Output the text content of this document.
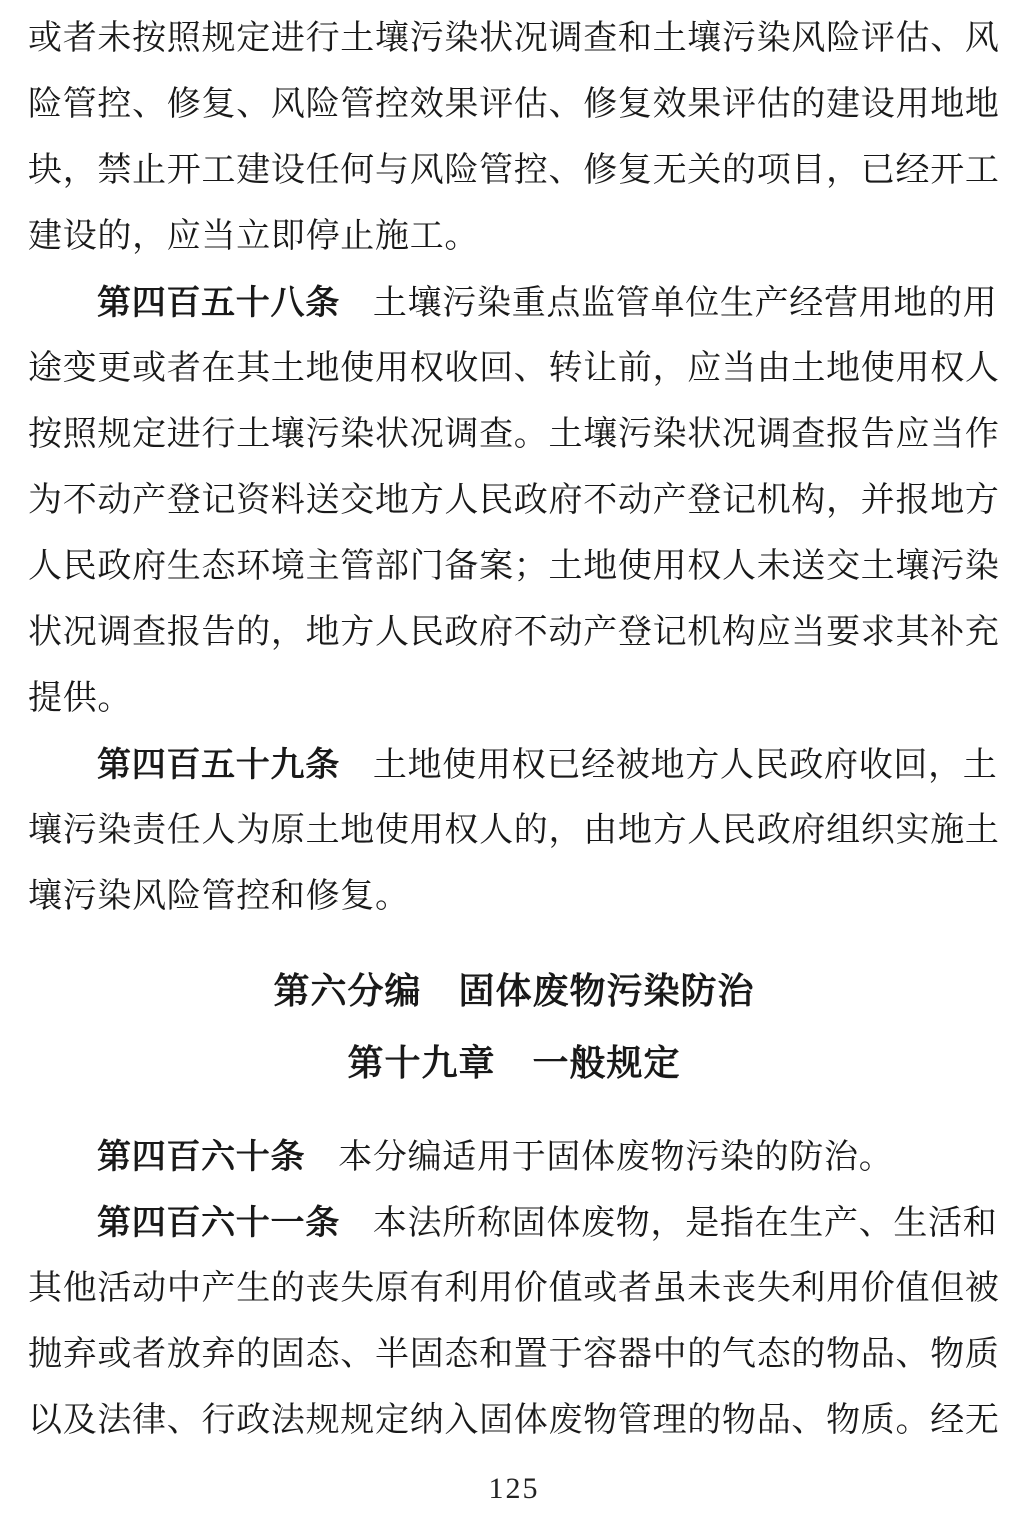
或者未按照规定进行土壤污染状况调查和土壤污染风险评估、风
险管控、修复、风险管控效果评估、修复效果评估的建设用地地
块，禁止开工建设任何与风险管控、修复无关的项目，已经开工
建设的，应当立即停止施工。
第四百五十八条 土壤污染重点监管单位生产经营用地的用
途变更或者在其土地使用权收回、转让前，应当由土地使用权人
按照规定进行土壤污染状况调查。土壤污染状况调查报告应当作
为不动产登记资料送交地方人民政府不动产登记机构，并报地方
人民政府生态环境主管部门备案；土地使用权人未送交土壤污染
状况调查报告的，地方人民政府不动产登记机构应当要求其补充
提供。
第四百五十九条 土地使用权已经被地方人民政府收回，土
壤污染责任人为原土地使用权人的，由地方人民政府组织实施土
壤污染风险管控和修复。
第六分编　固体废物污染防治
第十九章　一般规定
第四百六十条 本分编适用于固体废物污染的防治。
第四百六十一条 本法所称固体废物，是指在生产、生活和
其他活动中产生的丧失原有利用价值或者虽未丧失利用价值但被
抛弃或者放弃的固态、半固态和置于容器中的气态的物品、物质
以及法律、行政法规规定纳入固体废物管理的物品、物质。经无
125
